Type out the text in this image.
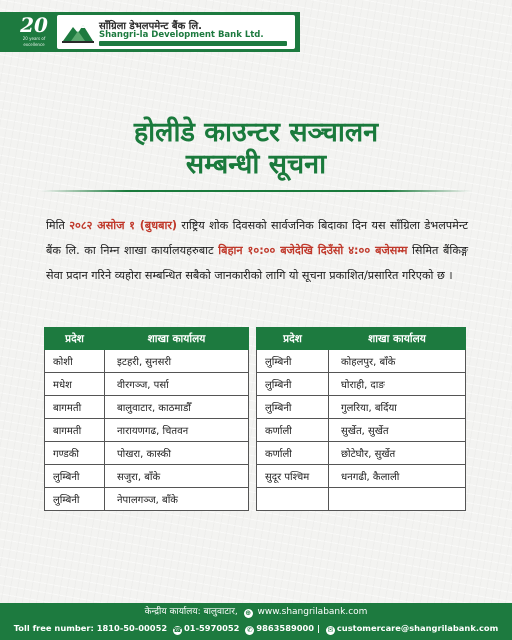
20
20 years of excellence
साँग्रिला डेभलपमेन्ट बैंक लि.
Shangri-la Development Bank Ltd.
होलीडे काउन्टर सञ्चालन
सम्बन्धी सूचना

मिति २०८२ असोज १ (बुधबार) राष्ट्रिय शोक दिवसको सार्वजनिक बिदाका दिन यस साँग्रिला डेभलपमेन्ट बैंक लि. का निम्न शाखा कार्यालयहरुबाट बिहान १०:०० बजेदेखि दिउँसो ४:०० बजेसम्म सिमित बैंकिङ्ग सेवा प्रदान गरिने व्यहोरा सम्बन्धित सबैको जानकारीको लागि यो सूचना प्रकाशित/प्रसारित गरिएको छ ।

प्रदेश	शाखा कार्यालय
कोशी	इटहरी, सुनसरी
मधेश	वीरगञ्ज, पर्सा
बागमती	बालुवाटार, काठमाडौँ
बागमती	नारायणगढ, चितवन
गण्डकी	पोखरा, कास्की
लुम्बिनी	सजुरा, बाँके
लुम्बिनी	नेपालगञ्ज, बाँके
प्रदेश	शाखा कार्यालय
लुम्बिनी	कोहलपुर, बाँके
लुम्बिनी	घोराही, दाङ
लुम्बिनी	गुलरिया, बर्दिया
कर्णाली	सुर्खेत, सुर्खेत
कर्णाली	छोटेघौर, सुर्खेत
सुदूर पश्चिम	धनगढी, कैलाली

केन्द्रीय कार्यालय: बालुवाटार, ⊕ www.shangrilabank.com
Toll free number: 1810-50-00052 ☎ 01-5970052 ✆ 9863589000 | ✉ customercare@shangrilabank.com
